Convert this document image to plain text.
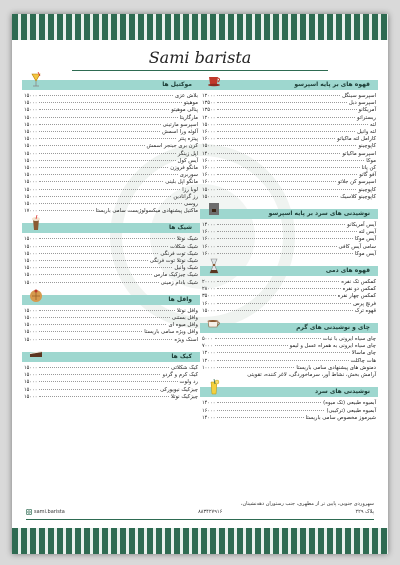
Sami barista
موکتیل ها
بلاش عزی
۱۵۰۰۰
موهیتو
۱۵۰۰۰
پنالی موهیتو
۱۵۰۰۰
مارگاریتا
۱۵۰۰۰
اسپرسو مارتینی
۱۵۰۰۰
آلوئه ورا اسمش
۱۵۰۰۰
پیتزه پنتر
۱۵۰۰۰
کرن بری جینجر اسمش
۱۵۰۰۰
اپل زینگر
۱۵۰۰۰
آیس کول
۱۵۰۰۰
مانگو فروزن
۱۵۰۰۰
سوربری
۱۵۰۰۰
مانگو اپل بلینی
۱۵۰۰۰
لوبا رزا
۱۵۰۰۰
رز گرانادین
۱۵۰۰۰
روسی
۱۵۰۰۰
ماکتیل پیشنهادی میکسولوژیست سامی باریستا
۱۷۰۰۰
شیک ها
شیک نوتلا
۱۵۰۰۰
شیک شکلات
۱۵۰۰۰
شیک توت فرنگی
۱۵۰۰۰
شیک نوتلا توت فرنگی
۱۵۰۰۰
شیک وانیل
۱۵۰۰۰
شیک چیزکیک مارس
۱۵۰۰۰
شیک بادام زمینی
۱۵۰۰۰
وافل ها
وافل نوتلا
۱۵۰۰۰
وافل بستنی
۱۵۰۰۰
وافل میوه ای
۱۵۰۰۰
وافل ویژه سامی باریستا
۱۵۰۰۰
اسنک ویژه
۱۵۰۰۰
کیک ها
کیک شکلاتی
۱۵۰۰۰
کیک کرم و گردو
۱۵۰۰۰
رد ولوت
۱۵۰۰۰
چیزکیک نیویورکی
۱۵۰۰۰
چیزکیک نوتلا
۱۵۰۰۰
قهوه های بر پایه اسپرسو
اسپرسو سینگل
۱۲۰۰۰
اسپرسو دبل
۱۳۵۰۰
آمریکانو
۱۳۵۰۰
ریستراتو
۱۲۰۰۰
لته
۱۵۰۰۰
لته وانیل
۱۶۰۰۰
کارامل لته ماکیاتو
۱۶۰۰۰
کاپوچینو
۱۵۰۰۰
اسپرسو ماکیاتو
۱۴۰۰۰
موکا
۱۶۰۰۰
کن پانا
۱۶۰۰۰
آفو گاتو
۱۶۰۰۰
اسپرسو کن جلاتو
۱۶۰۰۰
کاپوچینو
۱۵۰۰۰
کاپوچینو کلاسیک
۱۵۰۰۰
نوشیدنی های سرد بر پایه اسپرسو
آیس آمریکانو
۱۴۰۰۰
آیس لته
۱۶۰۰۰
آیس موکا
۱۶۰۰۰
سامی آیس کافی
۱۶۰۰۰
آیس موکا
۱۶۰۰۰
قهوه های دمی
کمکس تک نفره
۲۰۰۰۰
کمکس دو نفره
۲۸۰۰۰
کمکس چهار نفره
۳۵۰۰۰
فرنچ پرس
۱۶۰۰۰
قهوه ترک
۱۵۰۰۰
چای و نوشیدنی های گرم
چای سیاه ایرونی با نبات
۵۰۰۰
چای سیاه ایرونی به همراه عسل و لیمو
۷۰۰۰
چای ماسالا
۱۲۰۰۰
هات چاکلت
۱۲۰۰۰
دمنوش های پیشنهادی سامی باریستا
۱۰۰۰۰
آرامش بخش، نشاط آور، سرماخوردگی، لاغر کننده، تقویتی
نوشیدنی های سرد
آبمیوه طبیعی (تک میوه)
۱۴۰۰۰
آبمیوه طبیعی (ترکیبی)
۱۶۰۰۰
شیرموز مخصوص سامی باریستا
۱۴۰۰۰
سهروردی جنوبی، پایین تر از مطهری، جنب رستوران دهه‌نشینان،
پلاک ۲۲۹
۸۸۳۴۲۷۹۱۶
sami.barista
